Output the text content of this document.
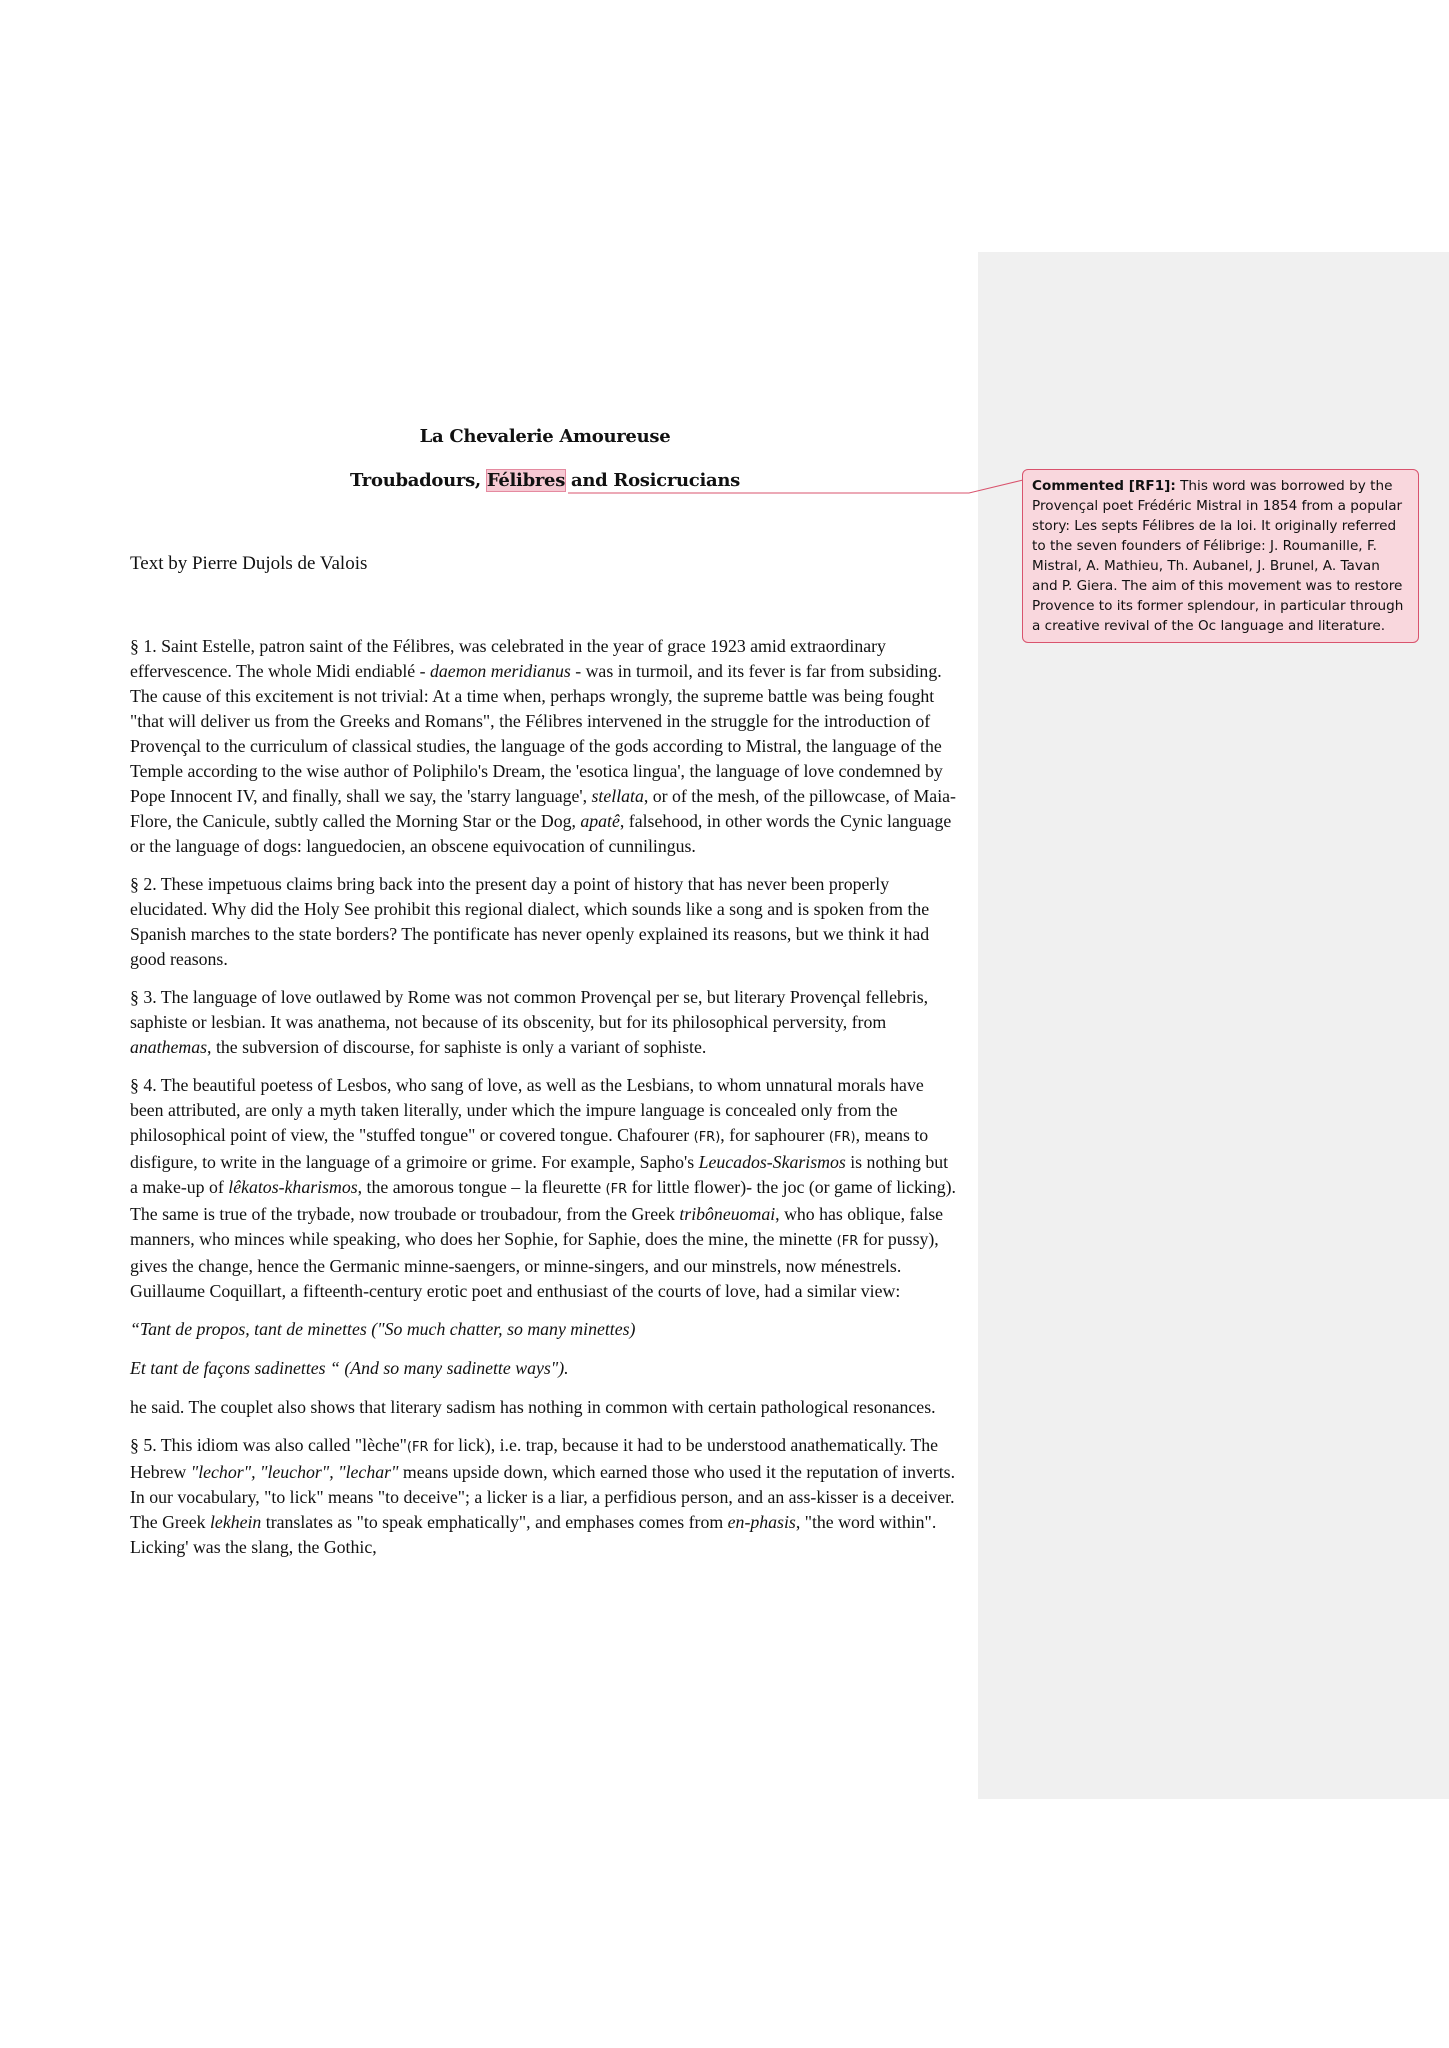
La Chevalerie Amoureuse
Troubadours, Félibres and Rosicrucians

Text by Pierre Dujols de Valois

§ 1. Saint Estelle, patron saint of the Félibres, was celebrated in the year of grace 1923 amid extraordinary effervescence. The whole Midi endiablé - daemon meridianus - was in turmoil, and its fever is far from subsiding. The cause of this excitement is not trivial: At a time when, perhaps wrongly, the supreme battle was being fought "that will deliver us from the Greeks and Romans", the Félibres intervened in the struggle for the introduction of Provençal to the curriculum of classical studies, the language of the gods according to Mistral, the language of the Temple according to the wise author of Poliphilo's Dream, the 'esotica lingua', the language of love condemned by Pope Innocent IV, and finally, shall we say, the 'starry language', stellata, or of the mesh, of the pillowcase, of Maia-Flore, the Canicule, subtly called the Morning Star or the Dog, apatê, falsehood, in other words the Cynic language or the language of dogs: languedocien, an obscene equivocation of cunnilingus.

§ 2. These impetuous claims bring back into the present day a point of history that has never been properly elucidated. Why did the Holy See prohibit this regional dialect, which sounds like a song and is spoken from the Spanish marches to the state borders? The pontificate has never openly explained its reasons, but we think it had good reasons.

§ 3. The language of love outlawed by Rome was not common Provençal per se, but literary Provençal fellebris, saphiste or lesbian. It was anathema, not because of its obscenity, but for its philosophical perversity, from anathemas, the subversion of discourse, for saphiste is only a variant of sophiste.

§ 4. The beautiful poetess of Lesbos, who sang of love, as well as the Lesbians, to whom unnatural morals have been attributed, are only a myth taken literally, under which the impure language is concealed only from the philosophical point of view, the "stuffed tongue" or covered tongue. Chafourer (FR), for saphourer (FR), means to disfigure, to write in the language of a grimoire or grime. For example, Sapho's Leucados-Skarismos is nothing but a make-up of lêkatos-kharismos, the amorous tongue – la fleurette (FR for little flower)- the joc (or game of licking). The same is true of the trybade, now troubade or troubadour, from the Greek tribôneuomai, who has oblique, false manners, who minces while speaking, who does her Sophie, for Saphie, does the mine, the minette (FR for pussy), gives the change, hence the Germanic minne-saengers, or minne-singers, and our minstrels, now ménestrels. Guillaume Coquillart, a fifteenth-century erotic poet and enthusiast of the courts of love, had a similar view:

“Tant de propos, tant de minettes ("So much chatter, so many minettes)

Et tant de façons sadinettes “ (And so many sadinette ways").

he said. The couplet also shows that literary sadism has nothing in common with certain pathological resonances.

§ 5. This idiom was also called "lèche"(FR for lick), i.e. trap, because it had to be understood anathematically. The Hebrew "lechor", "leuchor", "lechar" means upside down, which earned those who used it the reputation of inverts. In our vocabulary, "to lick" means "to deceive"; a licker is a liar, a perfidious person, and an ass-kisser is a deceiver. The Greek lekhein translates as "to speak emphatically", and emphases comes from en-phasis, "the word within". Licking' was the slang, the Gothic,

Commented [RF1]: This word was borrowed by the Provençal poet Frédéric Mistral in 1854 from a popular story: Les septs Félibres de la loi. It originally referred to the seven founders of Félibrige: J. Roumanille, F. Mistral, A. Mathieu, Th. Aubanel, J. Brunel, A. Tavan and P. Giera. The aim of this movement was to restore Provence to its former splendour, in particular through a creative revival of the Oc language and literature.
